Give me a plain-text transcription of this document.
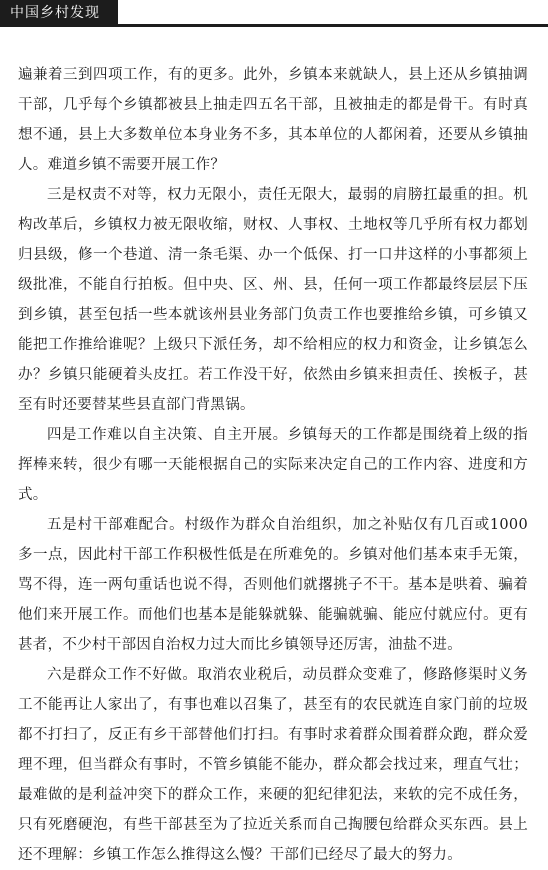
中国乡村发现

遍兼着三到四项工作，有的更多。此外，乡镇本来就缺人，县上还从乡镇抽调干部，几乎每个乡镇都被县上抽走四五名干部，且被抽走的都是骨干。有时真想不通，县上大多数单位本身业务不多，其本单位的人都闲着，还要从乡镇抽人。难道乡镇不需要开展工作？

三是权责不对等，权力无限小，责任无限大，最弱的肩膀扛最重的担。机构改革后，乡镇权力被无限收缩，财权、人事权、土地权等几乎所有权力都划归县级，修一个巷道、清一条毛渠、办一个低保、打一口井这样的小事都须上级批准，不能自行拍板。但中央、区、州、县，任何一项工作都最终层层下压到乡镇，甚至包括一些本就该州县业务部门负责工作也要推给乡镇，可乡镇又能把工作推给谁呢？上级只下派任务，却不给相应的权力和资金，让乡镇怎么办？乡镇只能硬着头皮扛。若工作没干好，依然由乡镇来担责任、挨板子，甚至有时还要替某些县直部门背黑锅。

四是工作难以自主决策、自主开展。乡镇每天的工作都是围绕着上级的指挥棒来转，很少有哪一天能根据自己的实际来决定自己的工作内容、进度和方式。

五是村干部难配合。村级作为群众自治组织，加之补贴仅有几百或1000多一点，因此村干部工作积极性低是在所难免的。乡镇对他们基本束手无策，骂不得，连一两句重话也说不得，否则他们就撂挑子不干。基本是哄着、骗着他们来开展工作。而他们也基本是能躲就躲、能骗就骗、能应付就应付。更有甚者，不少村干部因自治权力过大而比乡镇领导还厉害，油盐不进。

六是群众工作不好做。取消农业税后，动员群众变难了，修路修渠时义务工不能再让人家出了，有事也难以召集了，甚至有的农民就连自家门前的垃圾都不打扫了，反正有乡干部替他们打扫。有事时求着群众围着群众跑，群众爱理不理，但当群众有事时，不管乡镇能不能办，群众都会找过来，理直气壮；最难做的是利益冲突下的群众工作，来硬的犯纪律犯法，来软的完不成任务，只有死磨硬泡，有些干部甚至为了拉近关系而自己掏腰包给群众买东西。县上还不理解：乡镇工作怎么推得这么慢？干部们已经尽了最大的努力。
